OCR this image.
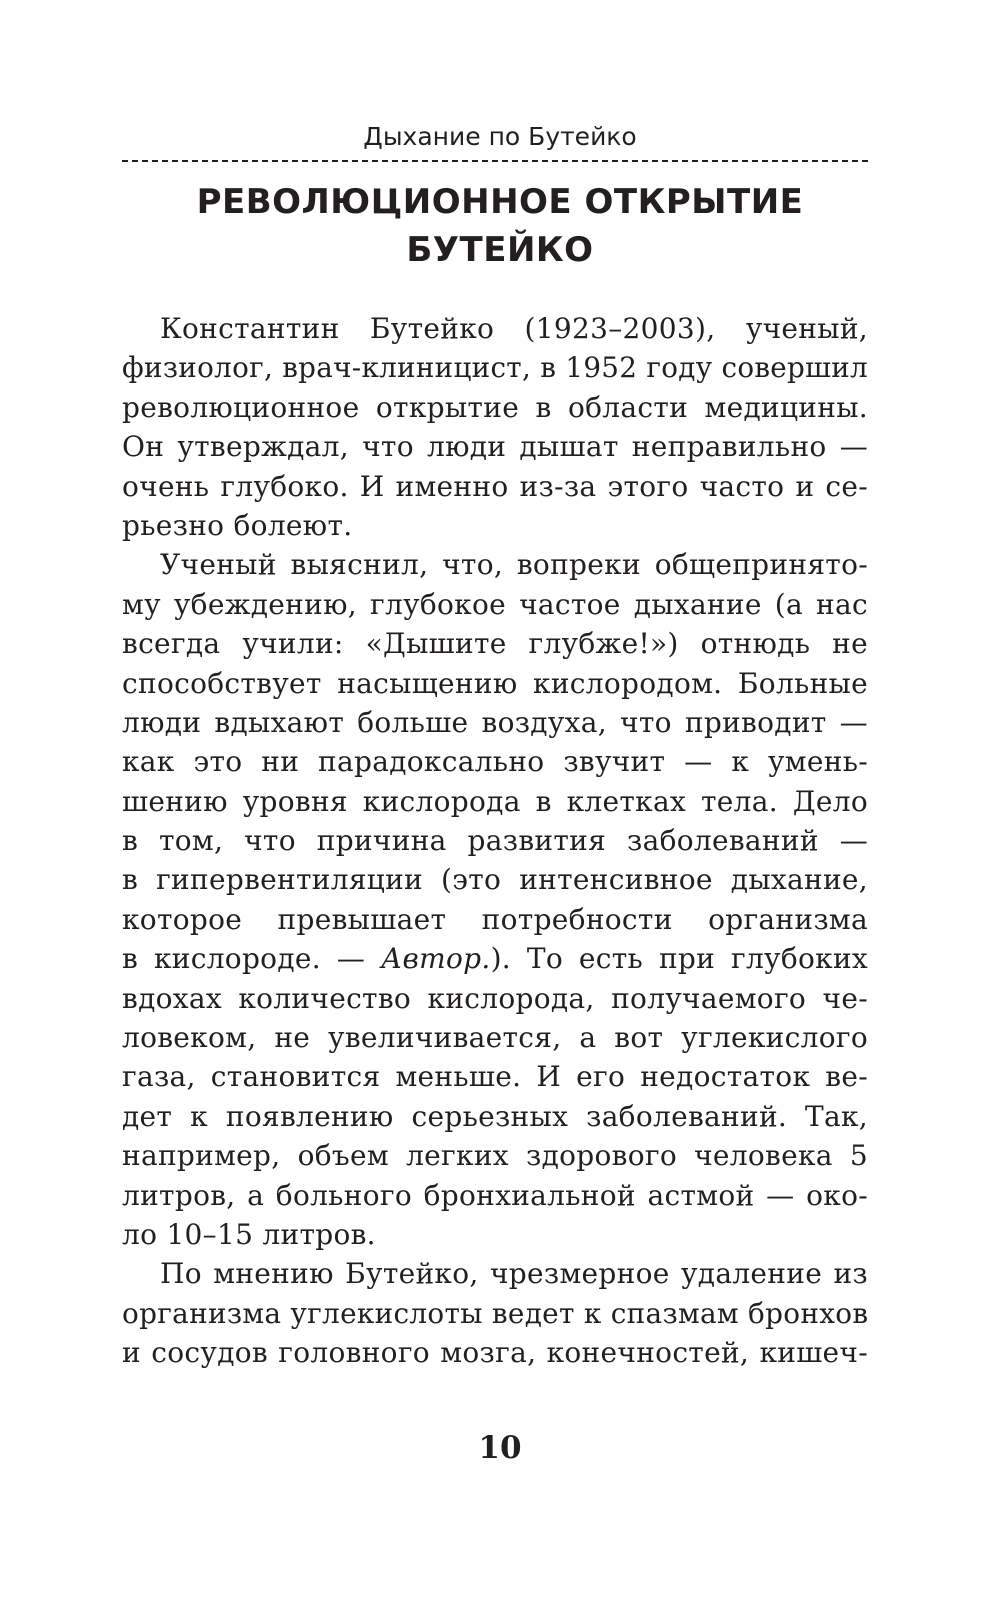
Дыхание по Бутейко
РЕВОЛЮЦИОННОЕ ОТКРЫТИЕ
БУТЕЙКО
Константин Бутейко (1923–2003), ученый,
физиолог, врач-клиницист, в 1952 году совершил
революционное открытие в области медицины.
Он утверждал, что люди дышат неправильно —
очень глубоко. И именно из-за этого часто и се-
рьезно болеют.
Ученый выяснил, что, вопреки общепринято-
му убеждению, глубокое частое дыхание (а нас
всегда учили: «Дышите глубже!») отнюдь не
способствует насыщению кислородом. Больные
люди вдыхают больше воздуха, что приводит —
как это ни парадоксально звучит — к умень-
шению уровня кислорода в клетках тела. Дело
в том, что причина развития заболеваний —
в гипервентиляции (это интенсивное дыхание,
которое превышает потребности организма
в кислороде. — Автор.). То есть при глубоких
вдохах количество кислорода, получаемого че-
ловеком, не увеличивается, а вот углекислого
газа, становится меньше. И его недостаток ве-
дет к появлению серьезных заболеваний. Так,
например, объем легких здорового человека 5
литров, а больного бронхиальной астмой — око-
ло 10–15 литров.
По мнению Бутейко, чрезмерное удаление из
организма углекислоты ведет к спазмам бронхов
и сосудов головного мозга, конечностей, кишеч-
10
